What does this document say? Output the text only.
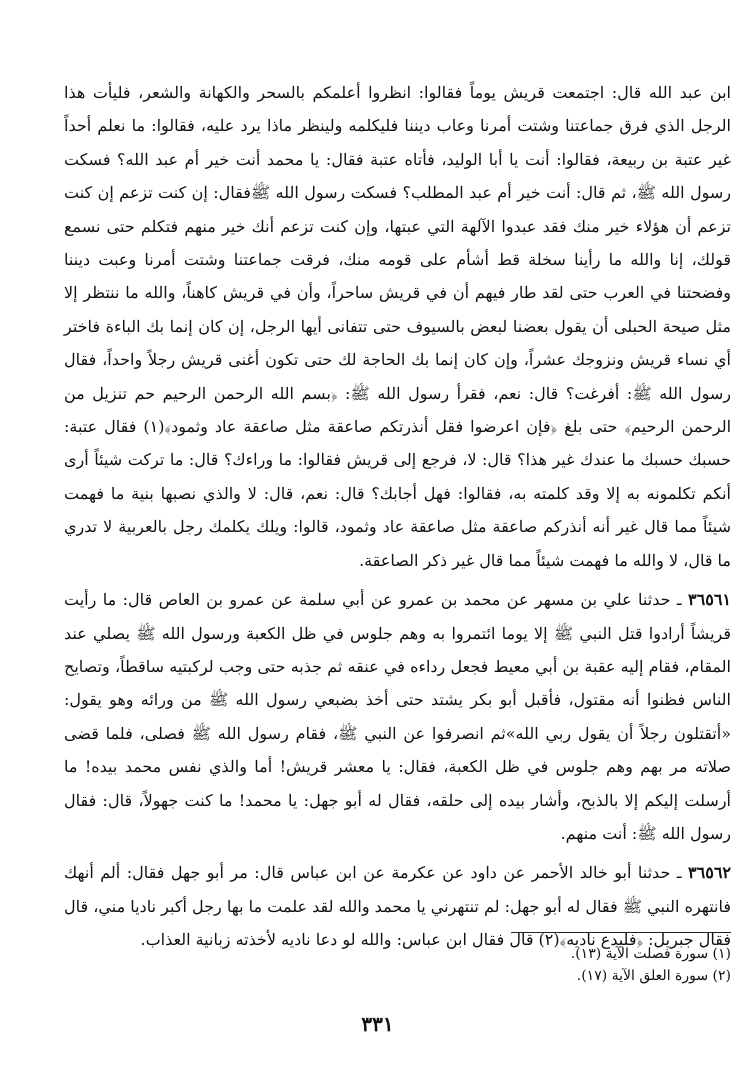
ابن عبد الله قال: اجتمعت قريش يوماً فقالوا: انظروا أعلمكم بالسحر والكهانة والشعر، فليأت هذا الرجل الذي فرق جماعتنا وشتت أمرنا وعاب ديننا فليكلمه ولينظر ماذا يرد عليه، فقالوا: ما نعلم أحداً غير عتبة بن ربيعة، فقالوا: أنت يا أبا الوليد، فأتاه عتبة فقال: يا محمد أنت خير أم عبد الله؟ فسكت رسول الله ﷺ، ثم قال: أنت خير أم عبد المطلب؟ فسكت رسول الله ﷺفقال: إن كنت تزعم إن كنت تزعم أن هؤلاء خير منك فقد عبدوا الآلهة التي عبتها، وإن كنت تزعم أنك خير منهم فتكلم حتى نسمع قولك، إنا والله ما رأينا سخلة قط أشأم على قومه منك، فرقت جماعتنا وشتت أمرنا وعبت ديننا وفضحتنا في العرب حتى لقد طار فيهم أن في قريش ساحراً، وأن في قريش كاهناً، والله ما ننتظر إلا مثل صيحة الحبلى أن يقول بعضنا لبعض بالسيوف حتى تتفانى أيها الرجل، إن كان إنما بك الباءة فاختر أي نساء قريش ونزوجك عشراً، وإن كان إنما بك الحاجة لك حتى تكون أغنى قريش رجلاً واحداً، فقال رسول الله ﷺ: أفرغت؟ قال: نعم، فقرأ رسول الله ﷺ: ﴿بسم الله الرحمن الرحيم حم تنزيل من الرحمن الرحيم﴾ حتى بلغ ﴿فإن اعرضوا فقل أنذرتكم صاعقة مثل صاعقة عاد وثمود﴾(١) فقال عتبة: حسبك حسبك ما عندك غير هذا؟ قال: لا، فرجع إلى قريش فقالوا: ما وراءك؟ قال: ما تركت شيئاً أرى أنكم تكلمونه به إلا وقد كلمته به، فقالوا: فهل أجابك؟ قال: نعم، قال: لا والذي نصبها بنية ما فهمت شيئاً مما قال غير أنه أنذركم صاعقة مثل صاعقة عاد وثمود، قالوا: ويلك يكلمك رجل بالعربية لا تدري ما قال، لا والله ما فهمت شيئاً مما قال غير ذكر الصاعقة.

٣٦٥٦١ ـ حدثنا علي بن مسهر عن محمد بن عمرو عن أبي سلمة عن عمرو بن العاص قال: ما رأيت قريشاً أرادوا قتل النبي ﷺ إلا يوما ائتمروا به وهم جلوس في ظل الكعبة ورسول الله ﷺ يصلي عند المقام، فقام إليه عقبة بن أبي معيط فجعل رداءه في عنقه ثم جذبه حتى وجب لركبتيه ساقطاً، وتصايح الناس فظنوا أنه مقتول، فأقبل أبو بكر يشتد حتى أخذ بضبعي رسول الله ﷺ من ورائه وهو يقول: «أتقتلون رجلاً أن يقول ربي الله»ثم انصرفوا عن النبي ﷺ، فقام رسول الله ﷺ فصلى، فلما قضى صلاته مر بهم وهم جلوس في ظل الكعبة، فقال: يا معشر قريش! أما والذي نفس محمد بيده! ما أرسلت إليكم إلا بالذبح، وأشار بيده إلى حلقه، فقال له أبو جهل: يا محمد! ما كنت جهولاً، قال: فقال رسول الله ﷺ: أنت منهم.

٣٦٥٦٢ ـ حدثنا أبو خالد الأحمر عن داود عن عكرمة عن ابن عباس قال: مر أبو جهل فقال: ألم أنهك فانتهره النبي ﷺ فقال له أبو جهل: لم تنتهرني يا محمد والله لقد علمت ما بها رجل أكبر ناديا مني، قال فقال جبريل: ﴿فليدع ناديه﴾(٢) قال فقال ابن عباس: والله لو دعا ناديه لأخذته زبانية العذاب.

(١) سورة فصلت الآية (١٣).

(٢) سورة العلق الآية (١٧).

٣٣١
